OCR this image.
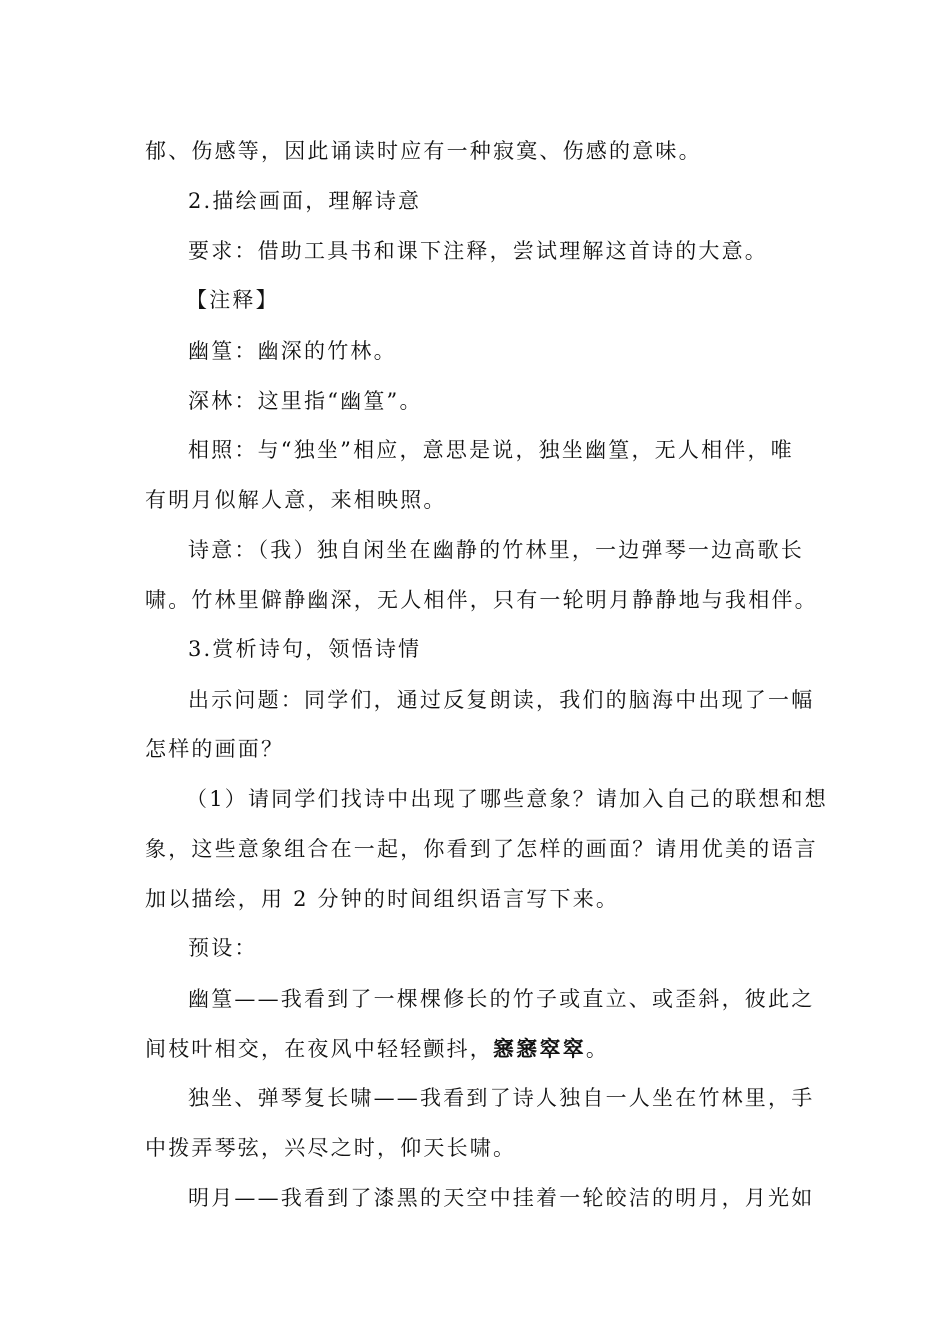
郁、伤感等，因此诵读时应有一种寂寞、伤感的意味。
2.描绘画面，理解诗意
要求：借助工具书和课下注释，尝试理解这首诗的大意。
【注释】
幽篁：幽深的竹林。
深林：这里指“幽篁”。
相照：与“独坐”相应，意思是说，独坐幽篁，无人相伴，唯
有明月似解人意，来相映照。
诗意：（我）独自闲坐在幽静的竹林里，一边弹琴一边高歌长
啸。竹林里僻静幽深，无人相伴，只有一轮明月静静地与我相伴。
3.赏析诗句，领悟诗情
出示问题：同学们，通过反复朗读，我们的脑海中出现了一幅
怎样的画面？
（1）请同学们找诗中出现了哪些意象？请加入自己的联想和想
象，这些意象组合在一起，你看到了怎样的画面？请用优美的语言
加以描绘，用 2 分钟的时间组织语言写下来。
预设：
幽篁——我看到了一棵棵修长的竹子或直立、或歪斜，彼此之
间枝叶相交，在夜风中轻轻颤抖，窸窸窣窣。
独坐、弹琴复长啸——我看到了诗人独自一人坐在竹林里，手
中拨弄琴弦，兴尽之时，仰天长啸。
明月——我看到了漆黑的天空中挂着一轮皎洁的明月，月光如
